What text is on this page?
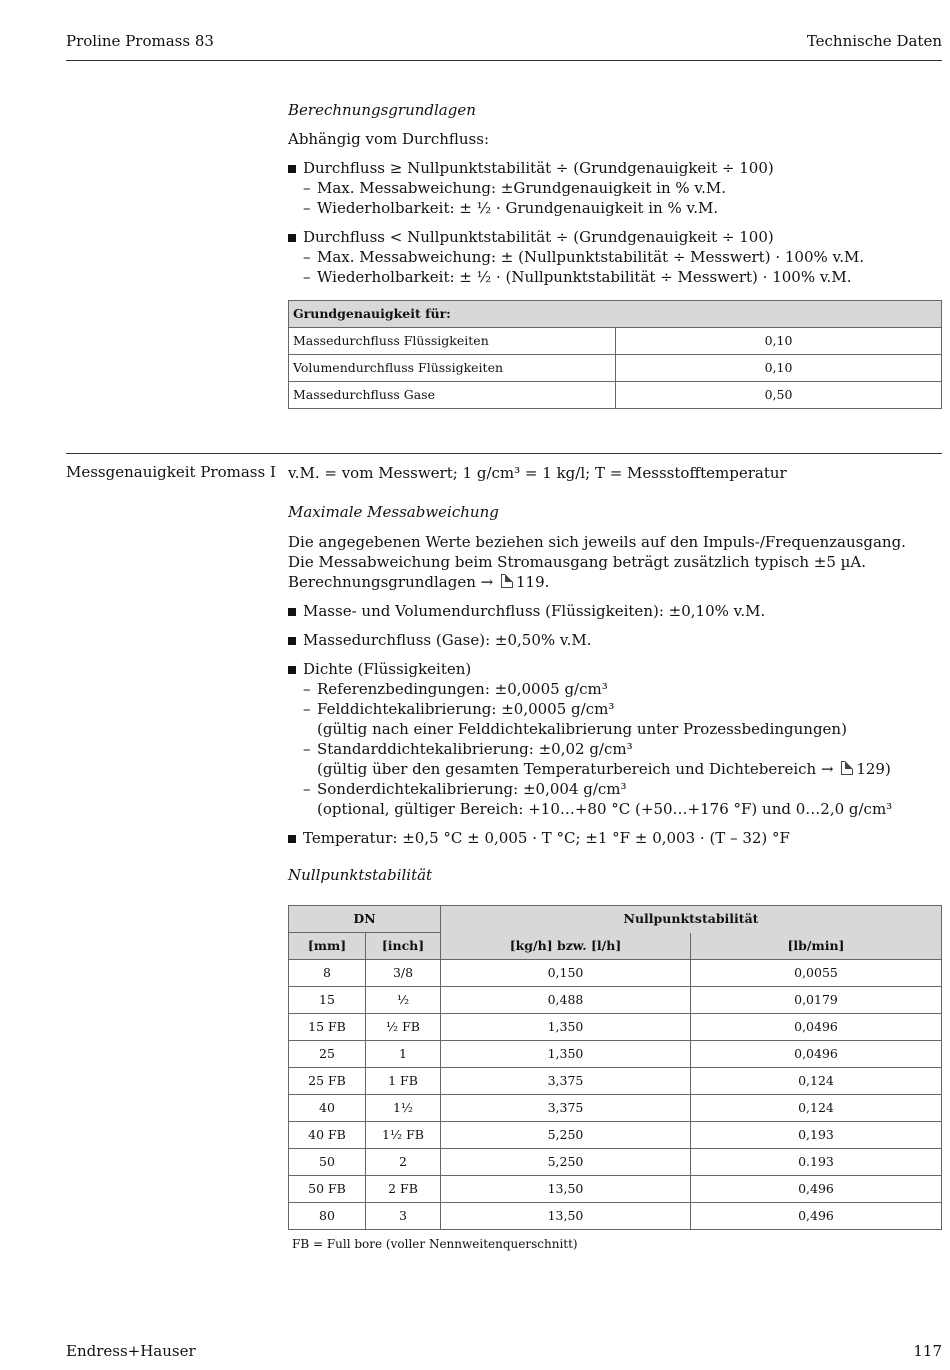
Proline Promass 83	Technische Daten
Berechnungsgrundlagen
Abhängig vom Durchfluss:
Durchfluss ≥ Nullpunktstabilität ÷ (Grundgenauigkeit ÷ 100)
– Max. Messabweichung: ±Grundgenauigkeit in % v.M.
– Wiederholbarkeit: ± ½ · Grundgenauigkeit in % v.M.
Durchfluss < Nullpunktstabilität ÷ (Grundgenauigkeit ÷ 100)
– Max. Messabweichung: ± (Nullpunktstabilität ÷ Messwert) · 100% v.M.
– Wiederholbarkeit: ± ½ · (Nullpunktstabilität ÷ Messwert) · 100% v.M.
Grundgenauigkeit für:	
Massedurchfluss Flüssigkeiten	0,10
Volumendurchfluss Flüssigkeiten	0,10
Massedurchfluss Gase	0,50
Messgenauigkeit Promass I v.M. = vom Messwert; 1 g/cm³ = 1 kg/l; T = Messstofftemperatur
Maximale Messabweichung
Die angegebenen Werte beziehen sich jeweils auf den Impuls-/Frequenzausgang.
Die Messabweichung beim Stromausgang beträgt zusätzlich typisch ±5 µA.
Berechnungsgrundlagen → 119.
Masse- und Volumendurchfluss (Flüssigkeiten): ±0,10% v.M.
Massedurchfluss (Gase): ±0,50% v.M.
Dichte (Flüssigkeiten)
– Referenzbedingungen: ±0,0005 g/cm³
– Felddichtekalibrierung: ±0,0005 g/cm³
(gültig nach einer Felddichtekalibrierung unter Prozessbedingungen)
– Standarddichtekalibrierung: ±0,02 g/cm³
(gültig über den gesamten Temperaturbereich und Dichtebereich → 129)
– Sonderdichtekalibrierung: ±0,004 g/cm³
(optional, gültiger Bereich: +10…+80 °C (+50…+176 °F) und 0…2,0 g/cm³
Temperatur: ±0,5 °C ± 0,005 · T °C; ±1 °F ± 0,003 · (T – 32) °F
Nullpunktstabilität
DN		Nullpunktstabilität	
[mm]	[inch]	[kg/h] bzw. [l/h]	[lb/min]
8	3/8	0,150	0,0055
15	½	0,488	0,0179
15 FB	½ FB	1,350	0,0496
25	1	1,350	0,0496
25 FB	1 FB	3,375	0,124
40	1½	3,375	0,124
40 FB	1½ FB	5,250	0,193
50	2	5,250	0.193
50 FB	2 FB	13,50	0,496
80	3	13,50	0,496
FB = Full bore (voller Nennweitenquerschnitt)
Endress+Hauser	117
